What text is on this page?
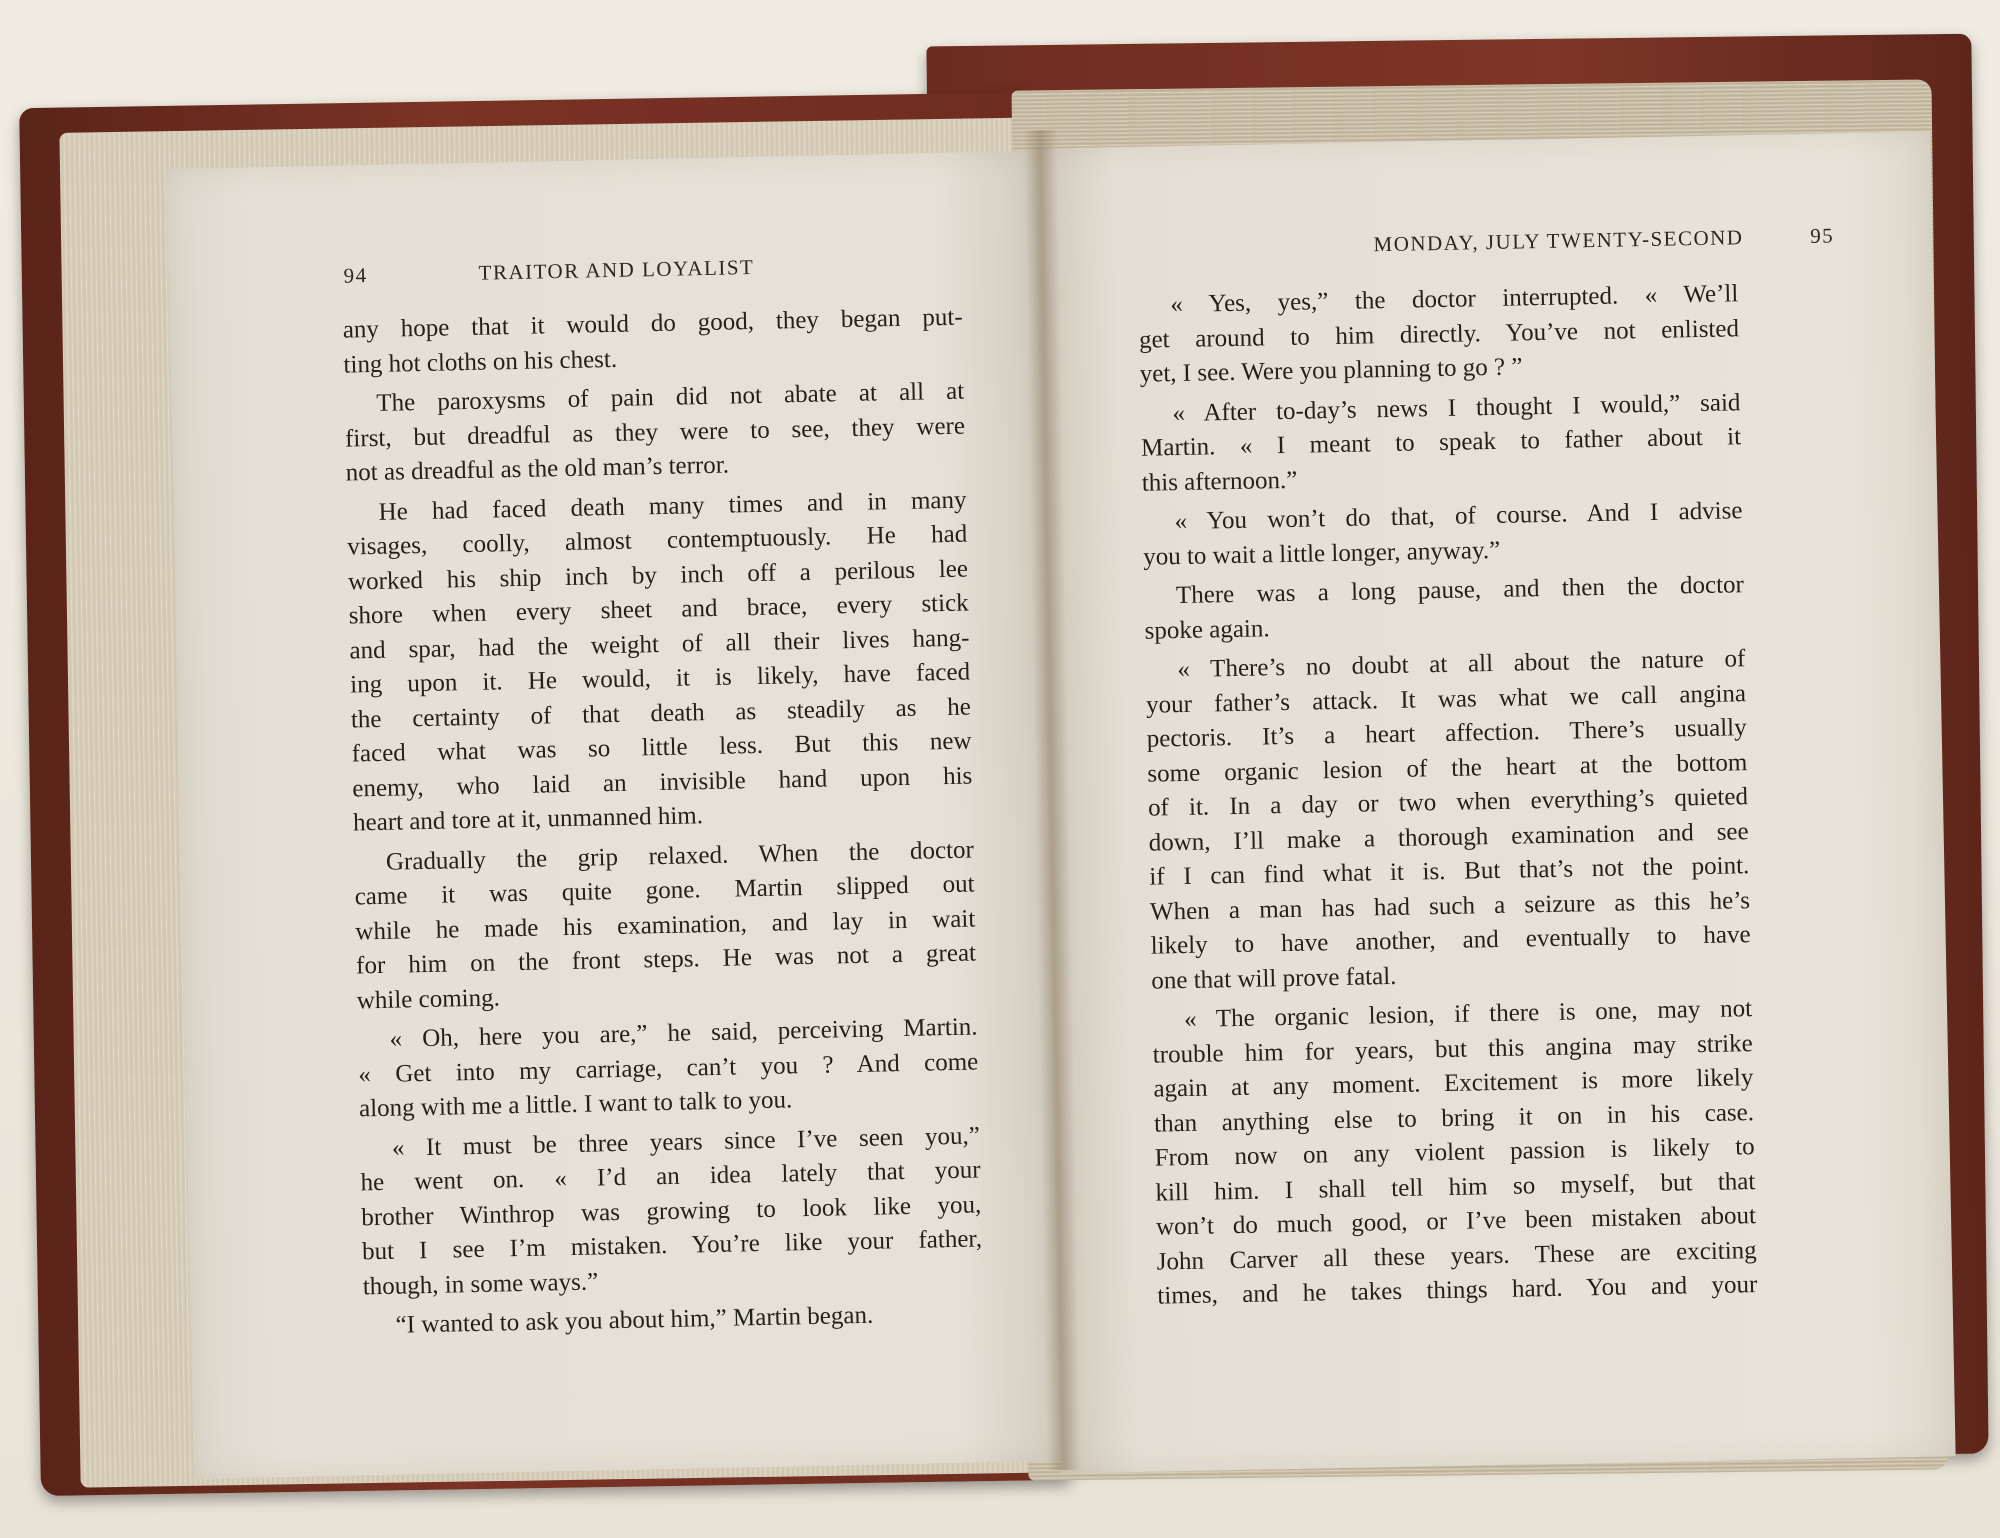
94	TRAITOR AND LOYALIST
any hope that it would do good, they began put-
ting hot cloths on his chest.
The paroxysms of pain did not abate at all at
first, but dreadful as they were to see, they were
not as dreadful as the old man’s terror.
He had faced death many times and in many
visages, coolly, almost contemptuously. He had
worked his ship inch by inch off a perilous lee
shore when every sheet and brace, every stick
and spar, had the weight of all their lives hang-
ing upon it. He would, it is likely, have faced
the certainty of that death as steadily as he
faced what was so little less. But this new
enemy, who laid an invisible hand upon his
heart and tore at it, unmanned him.
Gradually the grip relaxed. When the doctor
came it was quite gone. Martin slipped out
while he made his examination, and lay in wait
for him on the front steps. He was not a great
while coming.
« Oh, here you are,” he said, perceiving Martin.
« Get into my carriage, can’t you ? And come
along with me a little. I want to talk to you.
« It must be three years since I’ve seen you,”
he went on. « I’d an idea lately that your
brother Winthrop was growing to look like you,
but I see I’m mistaken. You’re like your father,
though, in some ways.”
“I wanted to ask you about him,” Martin began.
MONDAY, JULY TWENTY-SECOND	95
« Yes, yes,” the doctor interrupted. « We’ll
get around to him directly. You’ve not enlisted
yet, I see. Were you planning to go ? ”
« After to-day’s news I thought I would,” said
Martin. « I meant to speak to father about it
this afternoon.”
« You won’t do that, of course. And I advise
you to wait a little longer, anyway.”
There was a long pause, and then the doctor
spoke again.
« There’s no doubt at all about the nature of
your father’s attack. It was what we call angina
pectoris. It’s a heart affection. There’s usually
some organic lesion of the heart at the bottom
of it. In a day or two when everything’s quieted
down, I’ll make a thorough examination and see
if I can find what it is. But that’s not the point.
When a man has had such a seizure as this he’s
likely to have another, and eventually to have
one that will prove fatal.
« The organic lesion, if there is one, may not
trouble him for years, but this angina may strike
again at any moment. Excitement is more likely
than anything else to bring it on in his case.
From now on any violent passion is likely to
kill him. I shall tell him so myself, but that
won’t do much good, or I’ve been mistaken about
John Carver all these years. These are exciting
times, and he takes things hard. You and your
